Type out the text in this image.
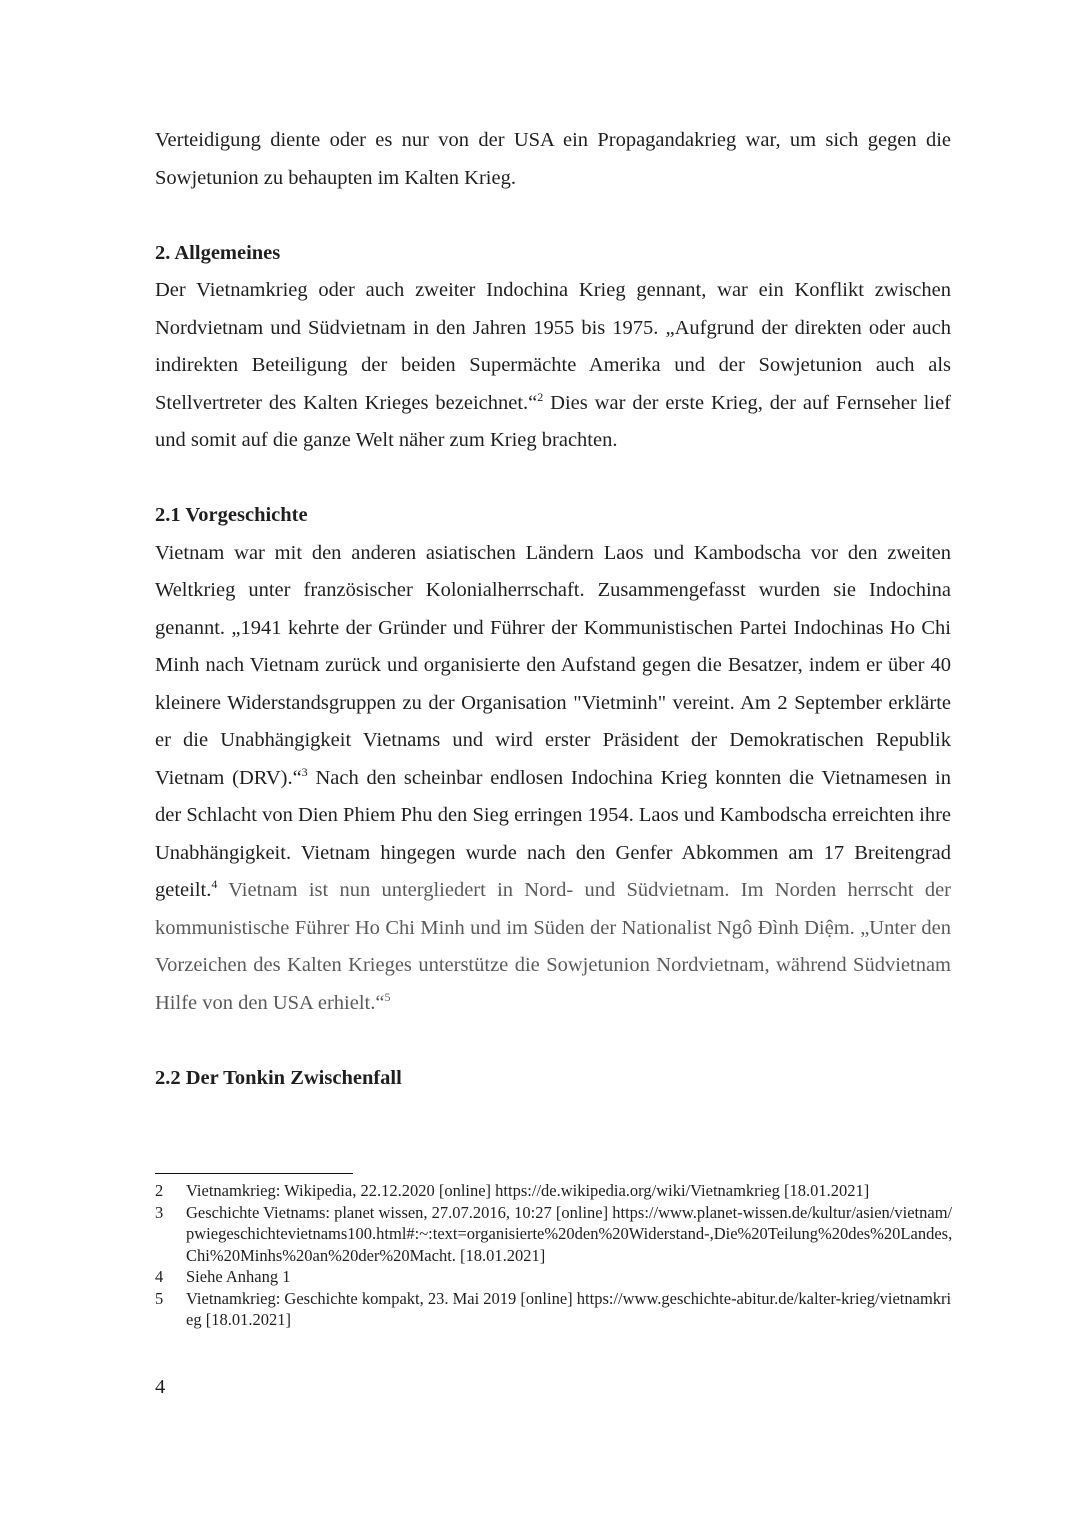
Verteidigung diente oder es nur von der USA ein Propagandakrieg war, um sich gegen die Sowjetunion zu behaupten im Kalten Krieg.

2. Allgemeines

Der Vietnamkrieg oder auch zweiter Indochina Krieg gennant, war ein Konflikt zwischen Nordvietnam und Südvietnam in den Jahren 1955 bis 1975. „Aufgrund der direkten oder auch indirekten Beteiligung der beiden Supermächte Amerika und der Sowjetunion auch als Stellvertreter des Kalten Krieges bezeichnet.“$^2$ Dies war der erste Krieg, der auf Fernseher lief und somit auf die ganze Welt näher zum Krieg brachten.

2.1 Vorgeschichte

Vietnam war mit den anderen asiatischen Ländern Laos und Kambodscha vor den zweiten Weltkrieg unter französischer Kolonialherrschaft. Zusammengefasst wurden sie Indochina genannt. „1941 kehrte der Gründer und Führer der Kommunistischen Partei Indochinas Ho Chi Minh nach Vietnam zurück und organisierte den Aufstand gegen die Besatzer, indem er über 40 kleinere Widerstandsgruppen zu der Organisation "Vietminh" vereint. Am 2 September erklärte er die Unabhängigkeit Vietnams und wird erster Präsident der Demokratischen Republik Vietnam (DRV).“$^3$ Nach den scheinbar endlosen Indochina Krieg konnten die Vietnamesen in der Schlacht von Dien Phiem Phu den Sieg erringen 1954. Laos und Kambodscha erreichten ihre Unabhängigkeit. Vietnam hingegen wurde nach den Genfer Abkommen am 17 Breitengrad geteilt.$^4$ Vietnam ist nun untergliedert in Nord- und Südvietnam. Im Norden herrscht der kommunistische Führer Ho Chi Minh und im Süden der Nationalist Ngô Đình Diệm. „Unter den Vorzeichen des Kalten Krieges unterstütze die Sowjetunion Nordvietnam, während Südvietnam Hilfe von den USA erhielt.“$^5$

2.2 Der Tonkin Zwischenfall

2	Vietnamkrieg: Wikipedia, 22.12.2020 [online] https://de.wikipedia.org/wiki/Vietnamkrieg [18.01.2021]
3	Geschichte Vietnams: planet wissen, 27.07.2016, 10:27 [online] https://www.planet-wissen.de/kultur/asien/vietnam/pwiegeschichtevietnams100.html#:~:text=organisierte%20den%20Widerstand-,Die%20Teilung%20des%20Landes,Chi%20Minhs%20an%20der%20Macht. [18.01.2021]
4	Siehe Anhang 1
5	Vietnamkrieg: Geschichte kompakt, 23. Mai 2019 [online] https://www.geschichte-abitur.de/kalter-krieg/vietnamkrieg [18.01.2021]
4
